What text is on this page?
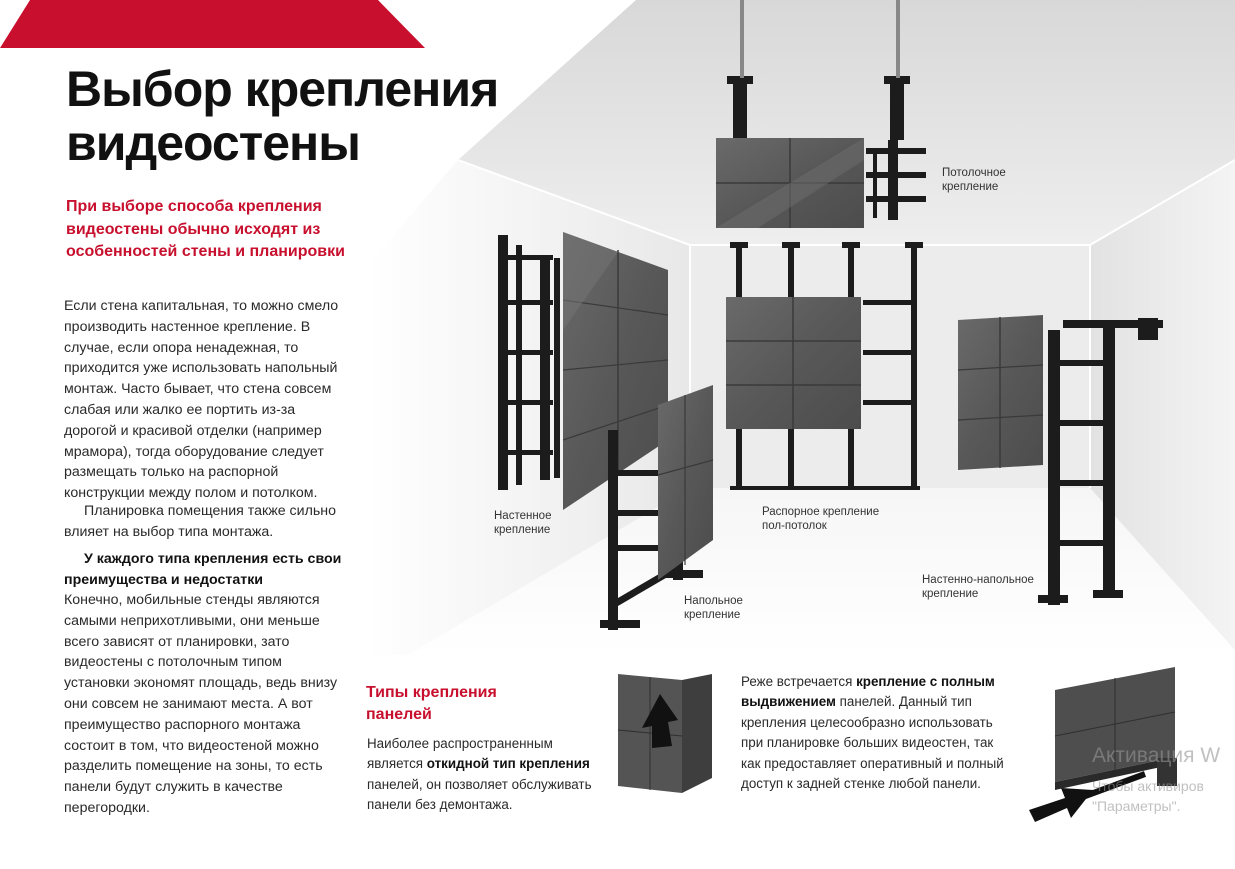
Выбор крепления
видеостены

При выборе способа крепления видеостены обычно исходят из особенностей стены и планировки

Если стена капитальная, то можно смело производить настенное крепление. В случае, если опора ненадежная, то приходится уже использовать напольный монтаж. Часто бывает, что стена совсем слабая или жалко ее портить из-за дорогой и красивой отделки (например мрамора), тогда оборудование следует размещать только на распорной конструкции между полом и потолком.

Планировка помещения также сильно влияет на выбор типа монтажа.

У каждого типа крепления есть свои преимущества и недостатки

Конечно, мобильные стенды являются самыми неприхотливыми, они меньше всего зависят от планировки, зато видеостены с потолочным типом установки экономят площадь, ведь внизу они совсем не занимают места. А вот преимущество распорного монтажа состоит в том, что видеостеной можно разделить помещение на зоны, то есть панели будут служить в качестве перегородки.

Потолочное
крепление
Настенное
крепление
Распорное крепление
пол-потолок
Напольное
крепление
Настенно-напольное
крепление
Типы крепления панелей

Наиболее распространенным является откидной тип крепления панелей, он позволяет обслуживать панели без демонтажа.

Реже встречается крепление с полным выдвижением панелей. Данный тип крепления целесообразно использовать при планировке больших видеостен, так как предоставляет оперативный и полный доступ к задней стенке любой панели.

Активация W
Чтобы активиров
"Параметры".
